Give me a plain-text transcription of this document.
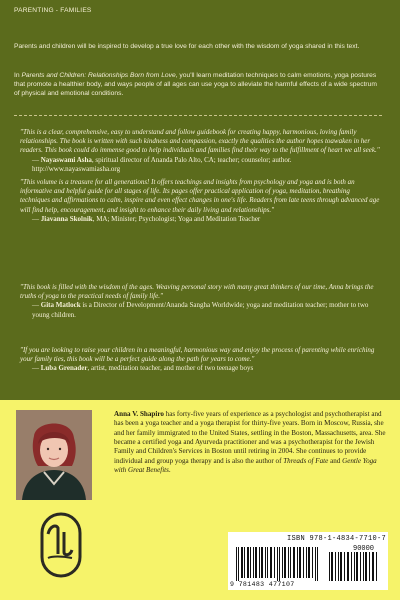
PARENTING - FAMILIES

Parents and children will be inspired to develop a true love for each other with the wisdom of yoga shared in this text.

In Parents and Children: Relationships Born from Love, you'll learn meditation techniques to calm emotions, yoga postures that promote a healthier body, and ways people of all ages can use yoga to alleviate the harmful effects of a wide spectrum of physical and emotional conditions.

"This is a clear, comprehensive, easy to understand and follow guidebook for creating happy, harmonious, loving family relationships. The book is written with such kindness and compassion, exactly the qualities the author hopes toawaken in her readers. This book could do immense good to help individuals and families find their way to the fulfillment of heart we all seek."
— Nayaswami Asha, spiritual director of Ananda Palo Alto, CA; teacher; counselor; author. http://www.nayaswamiasha.org
"This volume is a treasure for all generations! It offers teachings and insights from psychology and yoga and is both an informative and helpful guide for all stages of life. Its pages offer practical application of yoga, meditation, breathing techniques and affirmations to calm, inspire and even effect changes in one's life. Readers from late teens through advanced age will find help, encouragement, and insight to enhance their daily living and relationships."
— Jiavanna Skolnik, MA; Minister; Psychologist; Yoga and Meditation Teacher
"This book is filled with the wisdom of the ages. Weaving personal story with many great thinkers of our time, Anna brings the truths of yoga to the practical needs of family life."
— Gita Matlock is a Director of Development/Ananda Sangha Worldwide; yoga and meditation teacher; mother to two young children.
"If you are looking to raise your children in a meaningful, harmonious way and enjoy the process of parenting while enriching your family ties, this book will be a perfect guide along the path for years to come."
— Luba Grenader, artist, meditation teacher, and mother of two teenage boys

Anna V. Shapiro has forty-five years of experience as a psychologist and psychotherapist and has been a yoga teacher and a yoga therapist for thirty-five years. Born in Moscow, Russia, she and her family immigrated to the United States, settling in the Boston, Massachusetts, area. She became a certified yoga and Ayurveda practitioner and was a psychotherapist for the Jewish Family and Children's Services in Boston until retiring in 2004. She continues to provide individual and group yoga therapy and is also the author of Threads of Fate and Gentle Yoga with Great Benefits.

ISBN 978-1-4834-7710-7
90000
9 781483 477107
